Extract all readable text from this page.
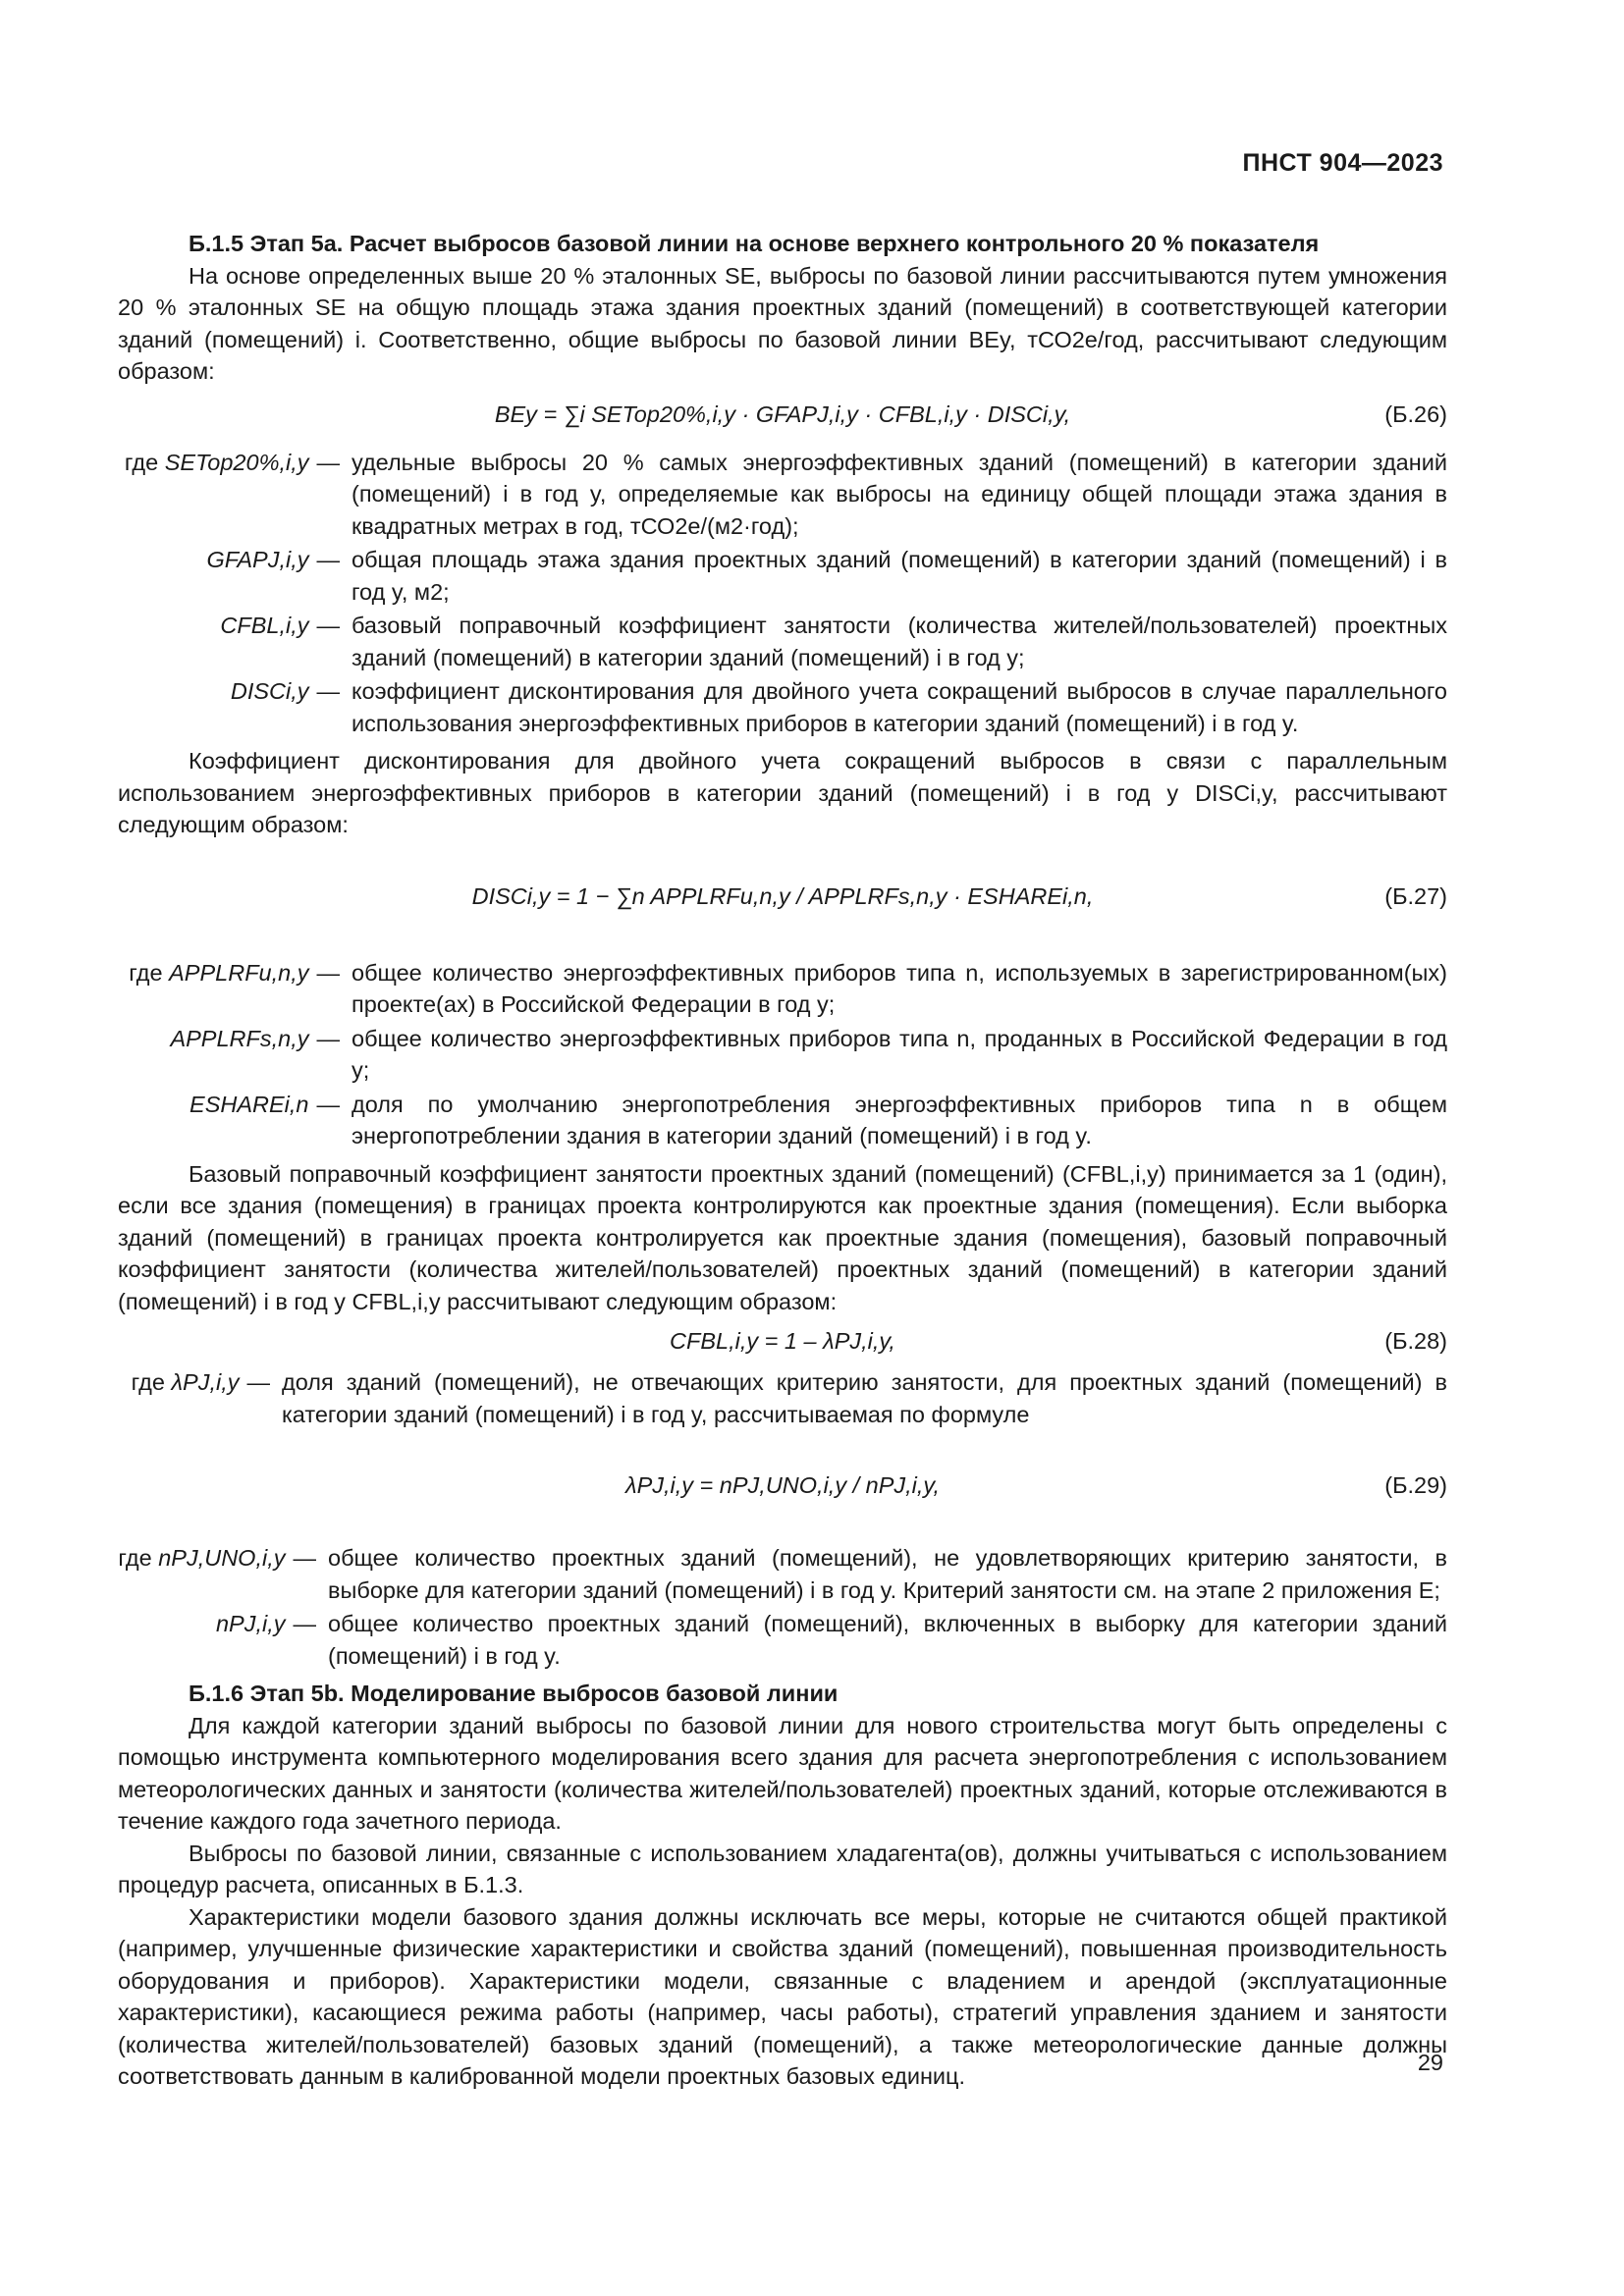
ПНСТ 904—2023

Б.1.5 Этап 5а. Расчет выбросов базовой линии на основе верхнего контрольного 20 % показателя

На основе определенных выше 20 % эталонных SE, выбросы по базовой линии рассчитываются путем умножения 20 % эталонных SE на общую площадь этажа здания проектных зданий (помещений) в соответствующей категории зданий (помещений) i. Соответственно, общие выбросы по базовой линии BEy, тСО2е/год, рассчитывают следующим образом:

BEy = ∑i SETop20%,i,y · GFAPJ,i,y · CFBL,i,y · DISCi,y,	(Б.26)
где SETop20%,i,y — удельные выбросы 20 % самых энергоэффективных зданий (помещений) в категории зданий (помещений) i в год y, определяемые как выбросы на единицу общей площади этажа здания в квадратных метрах в год, тСО2е/(м2·год);
GFAPJ,i,y — общая площадь этажа здания проектных зданий (помещений) в категории зданий (помещений) i в год y, м2;
CFBL,i,y — базовый поправочный коэффициент занятости (количества жителей/пользователей) проектных зданий (помещений) в категории зданий (помещений) i в год y;
DISCi,y — коэффициент дисконтирования для двойного учета сокращений выбросов в случае параллельного использования энергоэффективных приборов в категории зданий (помещений) i в год y.

Коэффициент дисконтирования для двойного учета сокращений выбросов в связи с параллельным использованием энергоэффективных приборов в категории зданий (помещений) i в год y DISCi,y, рассчитывают следующим образом:

DISCi,y = 1 − ∑n APPLRFu,n,y / APPLRFs,n,y · ESHAREi,n,	(Б.27)
где APPLRFu,n,y — общее количество энергоэффективных приборов типа n, используемых в зарегистрированном(ых) проекте(ах) в Российской Федерации в год y;
APPLRFs,n,y — общее количество энергоэффективных приборов типа n, проданных в Российской Федерации в год y;
ESHAREi,n — доля по умолчанию энергопотребления энергоэффективных приборов типа n в общем энергопотреблении здания в категории зданий (помещений) i в год y.

Базовый поправочный коэффициент занятости проектных зданий (помещений) (CFBL,i,y) принимается за 1 (один), если все здания (помещения) в границах проекта контролируются как проектные здания (помещения). Если выборка зданий (помещений) в границах проекта контролируется как проектные здания (помещения), базовый поправочный коэффициент занятости (количества жителей/пользователей) проектных зданий (помещений) в категории зданий (помещений) i в год y CFBL,i,y рассчитывают следующим образом:

CFBL,i,y = 1 – λPJ,i,y,	(Б.28)
где λPJ,i,y — доля зданий (помещений), не отвечающих критерию занятости, для проектных зданий (помещений) в категории зданий (помещений) i в год y, рассчитываемая по формуле
λPJ,i,y = nPJ,UNO,i,y / nPJ,i,y,	(Б.29)
где nPJ,UNO,i,y — общее количество проектных зданий (помещений), не удовлетворяющих критерию занятости, в выборке для категории зданий (помещений) i в год y. Критерий занятости см. на этапе 2 приложения Е;
nPJ,i,y — общее количество проектных зданий (помещений), включенных в выборку для категории зданий (помещений) i в год y.

Б.1.6 Этап 5b. Моделирование выбросов базовой линии

Для каждой категории зданий выбросы по базовой линии для нового строительства могут быть определены с помощью инструмента компьютерного моделирования всего здания для расчета энергопотребления с использованием метеорологических данных и занятости (количества жителей/пользователей) проектных зданий, которые отслеживаются в течение каждого года зачетного периода.

Выбросы по базовой линии, связанные с использованием хладагента(ов), должны учитываться с использованием процедур расчета, описанных в Б.1.3.

Характеристики модели базового здания должны исключать все меры, которые не считаются общей практикой (например, улучшенные физические характеристики и свойства зданий (помещений), повышенная производительность оборудования и приборов). Характеристики модели, связанные с владением и арендой (эксплуатационные характеристики), касающиеся режима работы (например, часы работы), стратегий управления зданием и занятости (количества жителей/пользователей) базовых зданий (помещений), а также метеорологические данные должны соответствовать данным в калиброванной модели проектных базовых единиц.

29
